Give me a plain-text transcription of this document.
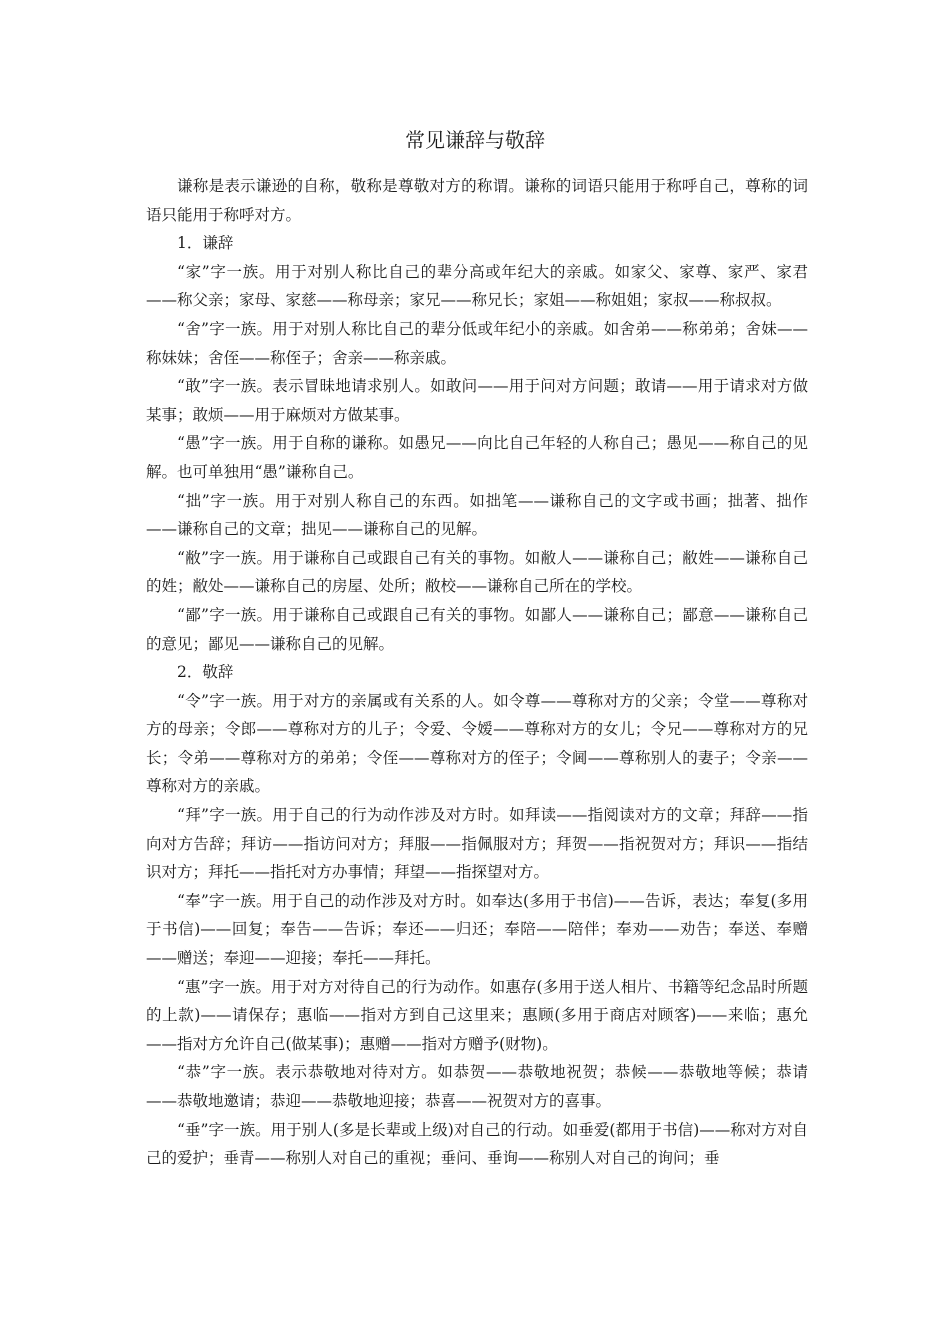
常见谦辞与敬辞

谦称是表示谦逊的自称，敬称是尊敬对方的称谓。谦称的词语只能用于称呼自己，尊称的词语只能用于称呼对方。

1．谦辞

“家”字一族。用于对别人称比自己的辈分高或年纪大的亲戚。如家父、家尊、家严、家君——称父亲；家母、家慈——称母亲；家兄——称兄长；家姐——称姐姐；家叔——称叔叔。

“舍”字一族。用于对别人称比自己的辈分低或年纪小的亲戚。如舍弟——称弟弟；舍妹——称妹妹；舍侄——称侄子；舍亲——称亲戚。

“敢”字一族。表示冒昧地请求别人。如敢问——用于问对方问题；敢请——用于请求对方做某事；敢烦——用于麻烦对方做某事。

“愚”字一族。用于自称的谦称。如愚兄——向比自己年轻的人称自己；愚见——称自己的见解。也可单独用“愚”谦称自己。

“拙”字一族。用于对别人称自己的东西。如拙笔——谦称自己的文字或书画；拙著、拙作——谦称自己的文章；拙见——谦称自己的见解。

“敝”字一族。用于谦称自己或跟自己有关的事物。如敝人——谦称自己；敝姓——谦称自己的姓；敝处——谦称自己的房屋、处所；敝校——谦称自己所在的学校。

“鄙”字一族。用于谦称自己或跟自己有关的事物。如鄙人——谦称自己；鄙意——谦称自己的意见；鄙见——谦称自己的见解。

2．敬辞

“令”字一族。用于对方的亲属或有关系的人。如令尊——尊称对方的父亲；令堂——尊称对方的母亲；令郎——尊称对方的儿子；令爱、令嫒——尊称对方的女儿；令兄——尊称对方的兄长；令弟——尊称对方的弟弟；令侄——尊称对方的侄子；令阃——尊称别人的妻子；令亲——尊称对方的亲戚。

“拜”字一族。用于自己的行为动作涉及对方时。如拜读——指阅读对方的文章；拜辞——指向对方告辞；拜访——指访问对方；拜服——指佩服对方；拜贺——指祝贺对方；拜识——指结识对方；拜托——指托对方办事情；拜望——指探望对方。

“奉”字一族。用于自己的动作涉及对方时。如奉达(多用于书信)——告诉，表达；奉复(多用于书信)——回复；奉告——告诉；奉还——归还；奉陪——陪伴；奉劝——劝告；奉送、奉赠——赠送；奉迎——迎接；奉托——拜托。

“惠”字一族。用于对方对待自己的行为动作。如惠存(多用于送人相片、书籍等纪念品时所题的上款)——请保存；惠临——指对方到自己这里来；惠顾(多用于商店对顾客)——来临；惠允——指对方允许自己(做某事)；惠赠——指对方赠予(财物)。

“恭”字一族。表示恭敬地对待对方。如恭贺——恭敬地祝贺；恭候——恭敬地等候；恭请——恭敬地邀请；恭迎——恭敬地迎接；恭喜——祝贺对方的喜事。

“垂”字一族。用于别人(多是长辈或上级)对自己的行动。如垂爱(都用于书信)——称对方对自己的爱护；垂青——称别人对自己的重视；垂问、垂询——称别人对自己的询问；垂
